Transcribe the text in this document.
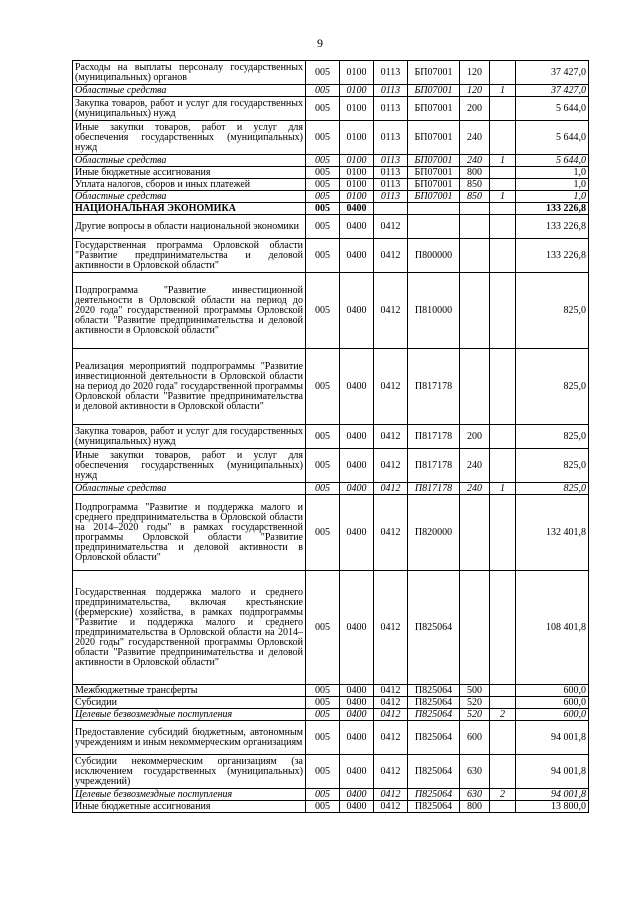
9
Расходы на выплаты персоналу государственных (муниципальных) органов	005	0100	0113	БП07001	120		37 427,0
Областные средства	005	0100	0113	БП07001	120	1	37 427,0
Закупка товаров, работ и услуг для государственных (муниципальных) нужд	005	0100	0113	БП07001	200		5 644,0
Иные закупки товаров, работ и услуг для обеспечения государственных (муниципальных) нужд	005	0100	0113	БП07001	240		5 644,0
Областные средства	005	0100	0113	БП07001	240	1	5 644,0
Иные бюджетные ассигнования	005	0100	0113	БП07001	800		1,0
Уплата налогов, сборов и иных платежей	005	0100	0113	БП07001	850		1,0
Областные средства	005	0100	0113	БП07001	850	1	1,0
НАЦИОНАЛЬНАЯ ЭКОНОМИКА	005	0400					133 226,8
Другие вопросы в области национальной экономики	005	0400	0412				133 226,8
Государственная программа Орловской области "Развитие предпринимательства и деловой активности в Орловской области"	005	0400	0412	П800000			133 226,8
Подпрограмма "Развитие инвестиционной деятельности в Орловской области на период до 2020 года" государственной программы Орловской области "Развитие предпринимательства и деловой активности в Орловской области"	005	0400	0412	П810000			825,0
Реализация мероприятий подпрограммы "Развитие инвестиционной деятельности в Орловской области на период до 2020 года" государственной программы Орловской области "Развитие предпринимательства и деловой активности в Орловской области"	005	0400	0412	П817178			825,0
Закупка товаров, работ и услуг для государственных (муниципальных) нужд	005	0400	0412	П817178	200		825,0
Иные закупки товаров, работ и услуг для обеспечения государственных (муниципальных) нужд	005	0400	0412	П817178	240		825,0
Областные средства	005	0400	0412	П817178	240	1	825,0
Подпрограмма "Развитие и поддержка малого и среднего предпринимательства в Орловской области на 2014–2020 годы" в рамках государственной программы Орловской области "Развитие предпринимательства и деловой активности в Орловской области"	005	0400	0412	П820000			132 401,8
Государственная поддержка малого и среднего предпринимательства, включая крестьянские (фермерские) хозяйства, в рамках подпрограммы "Развитие и поддержка малого и среднего предпринимательства в Орловской области на 2014–2020 годы" государственной программы Орловской области "Развитие предпринимательства и деловой активности в Орловской области"	005	0400	0412	П825064			108 401,8
Межбюджетные трансферты	005	0400	0412	П825064	500		600,0
Субсидии	005	0400	0412	П825064	520		600,0
Целевые безвозмездные поступления	005	0400	0412	П825064	520	2	600,0
Предоставление субсидий бюджетным, автономным учреждениям и иным некоммерческим организациям	005	0400	0412	П825064	600		94 001,8
Субсидии некоммерческим организациям (за исключением государственных (муниципальных) учреждений)	005	0400	0412	П825064	630		94 001,8
Целевые безвозмездные поступления	005	0400	0412	П825064	630	2	94 001,8
Иные бюджетные ассигнования	005	0400	0412	П825064	800		13 800,0
